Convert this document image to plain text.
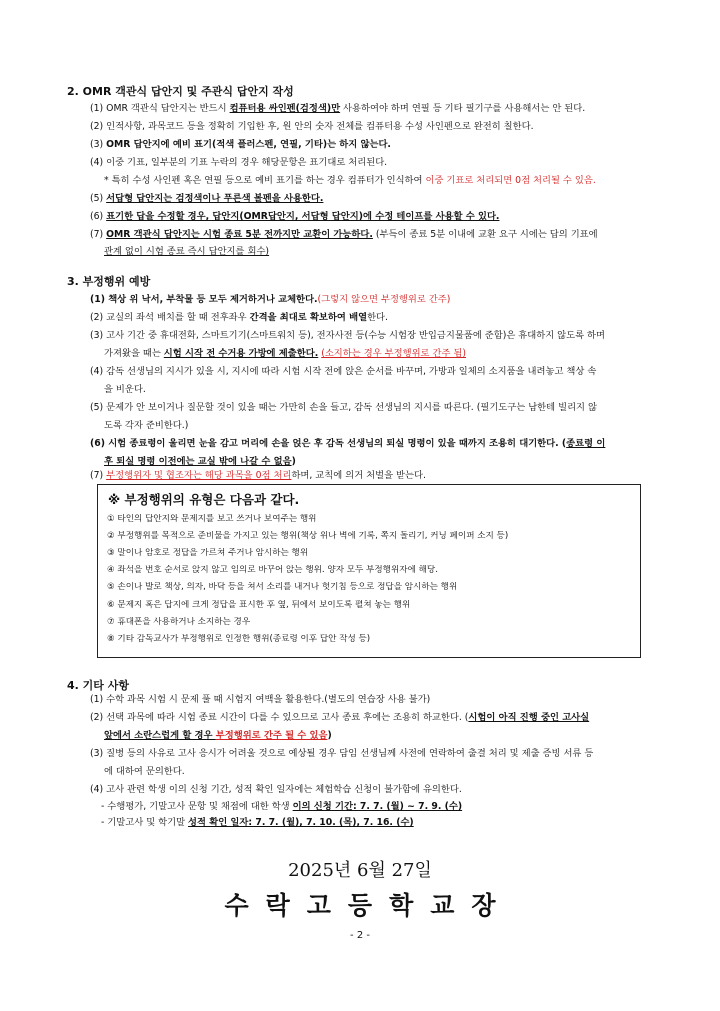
2. OMR 객관식 답안지 및 주관식 답안지 작성
(1) OMR 객관식 답안지는 반드시 컴퓨터용 싸인펜(검정색)만 사용하여야 하며 연필 등 기타 필기구를 사용해서는 안 된다.
(2) 인적사항, 과목코드 등을 정확히 기입한 후, 원 안의 숫자 전체를 컴퓨터용 수성 사인펜으로 완전히 칠한다.
(3) OMR 답안지에 예비 표기(적색 플러스펜, 연필, 기타)는 하지 않는다.
(4) 이중 기표, 일부분의 기표 누락의 경우 해당문항은 표기대로 처리된다.
* 특히 수성 사인펜 혹은 연필 등으로 예비 표기를 하는 경우 컴퓨터가 인식하여 이중 기표로 처리되면 0점 처리될 수 있음.
(5) 서답형 답안지는 검정색이나 푸른색 볼펜을 사용한다.
(6) 표기한 답을 수정할 경우, 답안지(OMR답안지, 서답형 답안지)에 수정 테이프를 사용할 수 있다.
(7) OMR 객관식 답안지는 시험 종료 5분 전까지만 교환이 가능하다. (부득이 종료 5분 이내에 교환 요구 시에는 답의 기표에
관계 없이 시험 종료 즉시 답안지를 회수)
3. 부정행위 예방
(1) 책상 위 낙서, 부착물 등 모두 제거하거나 교체한다.(그렇지 않으면 부정행위로 간주)
(2) 교실의 좌석 배치를 할 때 전후좌우 간격을 최대로 확보하여 배열한다.
(3) 고사 기간 중 휴대전화, 스마트기기(스마트워치 등), 전자사전 등(수능 시험장 반입금지물품에 준함)은 휴대하지 않도록 하며
가져왔을 때는 시험 시작 전 수거용 가방에 제출한다. (소지하는 경우 부정행위로 간주 됨)
(4) 감독 선생님의 지시가 있을 시, 지시에 따라 시험 시작 전에 앉은 순서를 바꾸며, 가방과 일체의 소지품을 내려놓고 책상 속
을 비운다.
(5) 문제가 안 보이거나 질문할 것이 있을 때는 가만히 손을 들고, 감독 선생님의 지시를 따른다. (필기도구는 남한테 빌리지 않
도록 각자 준비한다.)
(6) 시험 종료령이 울리면 눈을 감고 머리에 손을 얹은 후 감독 선생님의 퇴실 명령이 있을 때까지 조용히 대기한다. (종료령 이
후 퇴실 명령 이전에는 교실 밖에 나갈 수 없음)
(7) 부정행위자 및 협조자는 해당 과목을 0점 처리하며, 교칙에 의거 처벌을 받는다.
※ 부정행위의 유형은 다음과 같다.
① 타인의 답안지와 문제지를 보고 쓰거나 보여주는 행위
② 부정행위를 목적으로 준비물을 가지고 있는 행위(책상 위나 벽에 기록, 쪽지 돌리기, 커닝 페이퍼 소지 등)
③ 말이나 암호로 정답을 가르쳐 주거나 암시하는 행위
④ 좌석을 번호 순서로 앉지 않고 임의로 바꾸어 앉는 행위. 양자 모두 부정행위자에 해당.
⑤ 손이나 발로 책상, 의자, 바닥 등을 쳐서 소리를 내거나 헛기침 등으로 정답을 암시하는 행위
⑥ 문제지 혹은 답지에 크게 정답을 표시한 후 옆, 뒤에서 보이도록 펼쳐 놓는 행위
⑦ 휴대폰을 사용하거나 소지하는 경우
⑧ 기타 감독교사가 부정행위로 인정한 행위(종료령 이후 답안 작성 등)
4. 기타 사항
(1) 수학 과목 시험 시 문제 풀 때 시험지 여백을 활용한다.(별도의 연습장 사용 불가)
(2) 선택 과목에 따라 시험 종료 시간이 다를 수 있으므로 고사 종료 후에는 조용히 하교한다. (시험이 아직 진행 중인 고사실
앞에서 소란스럽게 할 경우 부정행위로 간주 될 수 있음)
(3) 질병 등의 사유로 고사 응시가 어려울 것으로 예상될 경우 담임 선생님께 사전에 연락하여 출결 처리 및 제출 증빙 서류 등
에 대하여 문의한다.
(4) 고사 관련 학생 이의 신청 기간, 성적 확인 일자에는 체험학습 신청이 불가함에 유의한다.
- 수행평가, 기말고사 문항 및 채점에 대한 학생 이의 신청 기간: 7. 7. (월) ~ 7. 9. (수)
- 기말고사 및 학기말 성적 확인 일자: 7. 7. (월), 7. 10. (목), 7. 16. (수)
2025년 6월 27일
수락고등학교장
- 2 -
